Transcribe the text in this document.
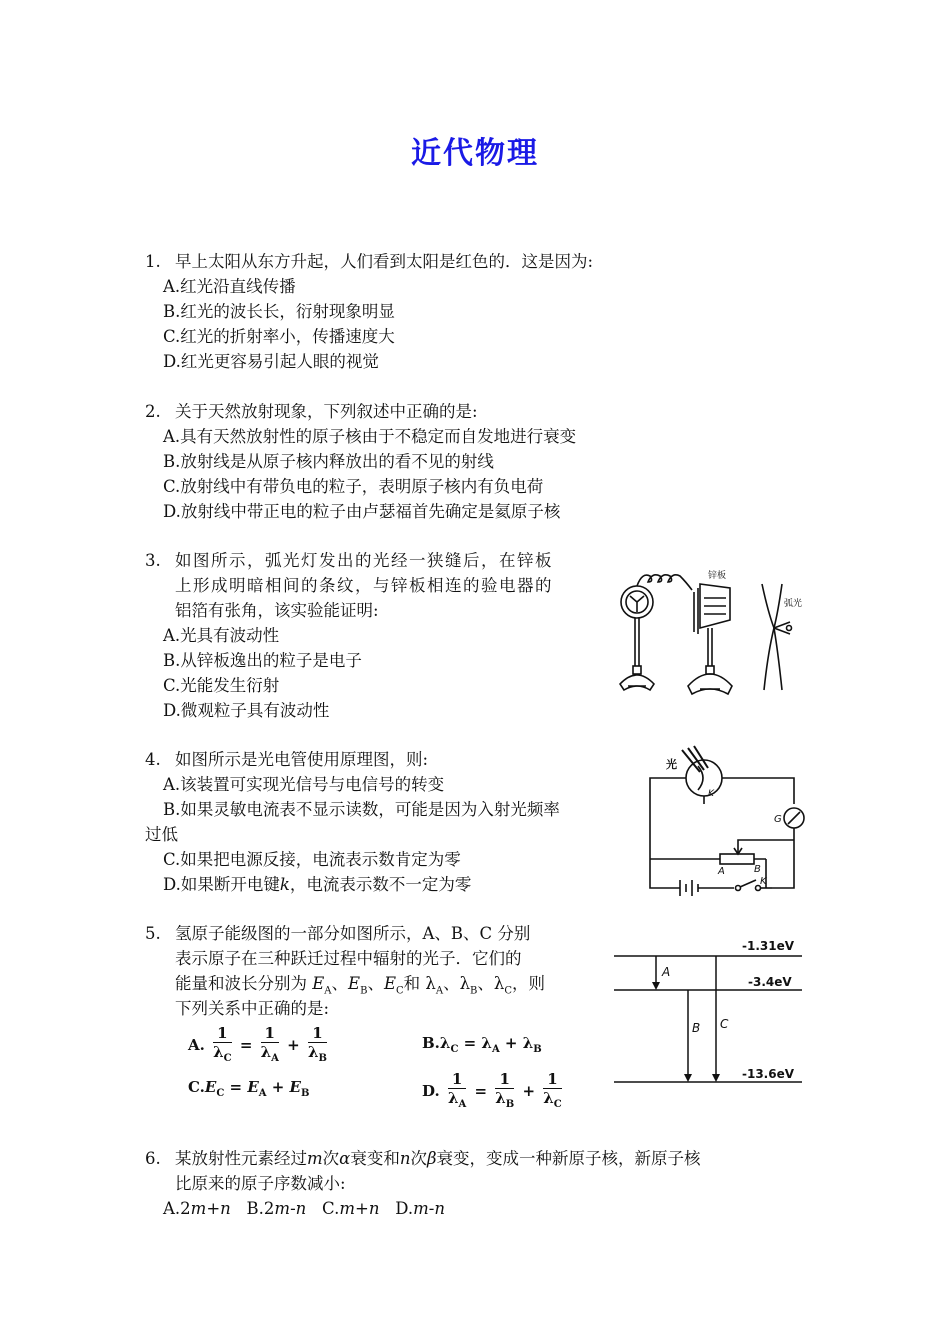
近代物理
1. 早上太阳从东方升起，人们看到太阳是红色的．这是因为:
A.红光沿直线传播
B.红光的波长长，衍射现象明显
C.红光的折射率小，传播速度大
D.红光更容易引起人眼的视觉
2. 关于天然放射现象，下列叙述中正确的是:
A.具有天然放射性的原子核由于不稳定而自发地进行衰变
B.放射线是从原子核内释放出的看不见的射线
C.放射线中有带负电的粒子，表明原子核内有负电荷
D.放射线中带正电的粒子由卢瑟福首先确定是氦原子核
3. 如图所示，弧光灯发出的光经一狭缝后，在锌板
上形成明暗相间的条纹，与锌板相连的验电器的
铝箔有张角，该实验能证明:
A.光具有波动性
B.从锌板逸出的粒子是电子
C.光能发生衍射
D.微观粒子具有波动性
锌板
弧光
4. 如图所示是光电管使用原理图，则:
A.该装置可实现光信号与电信号的转变
B.如果灵敏电流表不显示读数，可能是因为入射光频率
过低
C.如果把电源反接，电流表示数肯定为零
D.如果断开电键k，电流表示数不一定为零
光
K
G
A	B
K
5. 氢原子能级图的一部分如图所示，A、B、C 分别
表示原子在三种跃迁过程中辐射的光子．它们的
能量和波长分别为 $E_A$、$E_B$、$E_C$和 $\lambda_A$、$\lambda_B$、$\lambda_C$，则
下列关系中正确的是:
A. $\frac{1}{\lambda_C} = \frac{1}{\lambda_A} + \frac{1}{\lambda_B}$	$B.\lambda_C = \lambda_A + \lambda_B$
$C.E_C = E_A + E_B$	D. $\frac{1}{\lambda_A} = \frac{1}{\lambda_B} + \frac{1}{\lambda_C}$
-1.31eV
-3.4eV
-13.6eV
A
B C
6. 某放射性元素经过m次α衰变和n次β衰变，变成一种新原子核，新原子核
比原来的原子序数减小:
A.2m+n B.2m-n C.m+n D.m-n
